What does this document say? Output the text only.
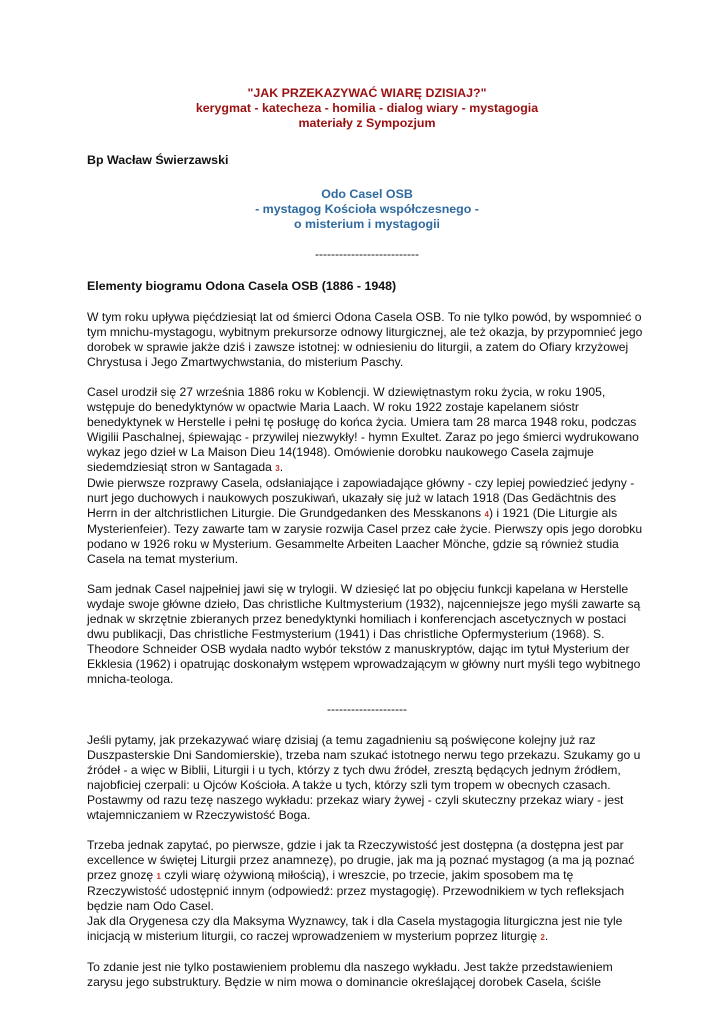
"JAK PRZEKAZYWAĆ WIARĘ DZISIAJ?"
kerygmat - katecheza - homilia - dialog wiary - mystagogia
materiały z Sympozjum
Bp Wacław Świerzawski
Odo Casel OSB
- mystagog Kościoła współczesnego -
o misterium i mystagogii
--------------------------
Elementy biogramu Odona Casela OSB (1886 - 1948)

W tym roku upływa pięćdziesiąt lat od śmierci Odona Casela OSB. To nie tylko powód, by wspomnieć o tym mnichu-mystagogu, wybitnym prekursorze odnowy liturgicznej, ale też okazja, by przypomnieć jego dorobek w sprawie jakże dziś i zawsze istotnej: w odniesieniu do liturgii, a zatem do Ofiary krzyżowej Chrystusa i Jego Zmartwychwstania, do misterium Paschy.

Casel urodził się 27 września 1886 roku w Koblencji. W dziewiętnastym roku życia, w roku 1905, wstępuje do benedyktynów w opactwie Maria Laach. W roku 1922 zostaje kapelanem sióstr benedyktynek w Herstelle i pełni tę posługę do końca życia. Umiera tam 28 marca 1948 roku, podczas Wigilii Paschalnej, śpiewając - przywilej niezwykły! - hymn Exultet. Zaraz po jego śmierci wydrukowano wykaz jego dzieł w La Maison Dieu 14(1948). Omówienie dorobku naukowego Casela zajmuje siedemdziesiąt stron w Santagada 3.

Dwie pierwsze rozprawy Casela, odsłaniające i zapowiadające główny - czy lepiej powiedzieć jedyny - nurt jego duchowych i naukowych poszukiwań, ukazały się już w latach 1918 (Das Gedächtnis des Herrn in der altchristlichen Liturgie. Die Grundgedanken des Messkanons 4) i 1921 (Die Liturgie als Mysterienfeier). Tezy zawarte tam w zarysie rozwija Casel przez całe życie. Pierwszy opis jego dorobku podano w 1926 roku w Mysterium. Gesammelte Arbeiten Laacher Mönche, gdzie są również studia Casela na temat mysterium.

Sam jednak Casel najpełniej jawi się w trylogii. W dziesięć lat po objęciu funkcji kapelana w Herstelle wydaje swoje główne dzieło, Das christliche Kultmysterium (1932), najcenniejsze jego myśli zawarte są jednak w skrzętnie zbieranych przez benedyktynki homiliach i konferencjach ascetycznych w postaci dwu publikacji, Das christliche Festmysterium (1941) i Das christliche Opfermysterium (1968). S. Theodore Schneider OSB wydała nadto wybór tekstów z manuskryptów, dając im tytuł Mysterium der Ekklesia (1962) i opatrując doskonałym wstępem wprowadzającym w główny nurt myśli tego wybitnego mnicha-teologa.

--------------------

Jeśli pytamy, jak przekazywać wiarę dzisiaj (a temu zagadnieniu są poświęcone kolejny już raz Duszpasterskie Dni Sandomierskie), trzeba nam szukać istotnego nerwu tego przekazu. Szukamy go u źródeł - a więc w Biblii, Liturgii i u tych, którzy z tych dwu źródeł, zresztą będących jednym źródłem, najobficiej czerpali: u Ojców Kościoła. A także u tych, którzy szli tym tropem w obecnych czasach. Postawmy od razu tezę naszego wykładu: przekaz wiary żywej - czyli skuteczny przekaz wiary - jest wtajemniczaniem w Rzeczywistość Boga.

Trzeba jednak zapytać, po pierwsze, gdzie i jak ta Rzeczywistość jest dostępna (a dostępna jest par excellence w świętej Liturgii przez anamnezę), po drugie, jak ma ją poznać mystagog (a ma ją poznać przez gnozę 1 czyli wiarę ożywioną miłością), i wreszcie, po trzecie, jakim sposobem ma tę Rzeczywistość udostępnić innym (odpowiedź: przez mystagogię). Przewodnikiem w tych refleksjach będzie nam Odo Casel.

Jak dla Orygenesa czy dla Maksyma Wyznawcy, tak i dla Casela mystagogia liturgiczna jest nie tyle inicjacją w misterium liturgii, co raczej wprowadzeniem w mysterium poprzez liturgię 2.

To zdanie jest nie tylko postawieniem problemu dla naszego wykładu. Jest także przedstawieniem zarysu jego substruktury. Będzie w nim mowa o dominancie określającej dorobek Casela, ściśle
